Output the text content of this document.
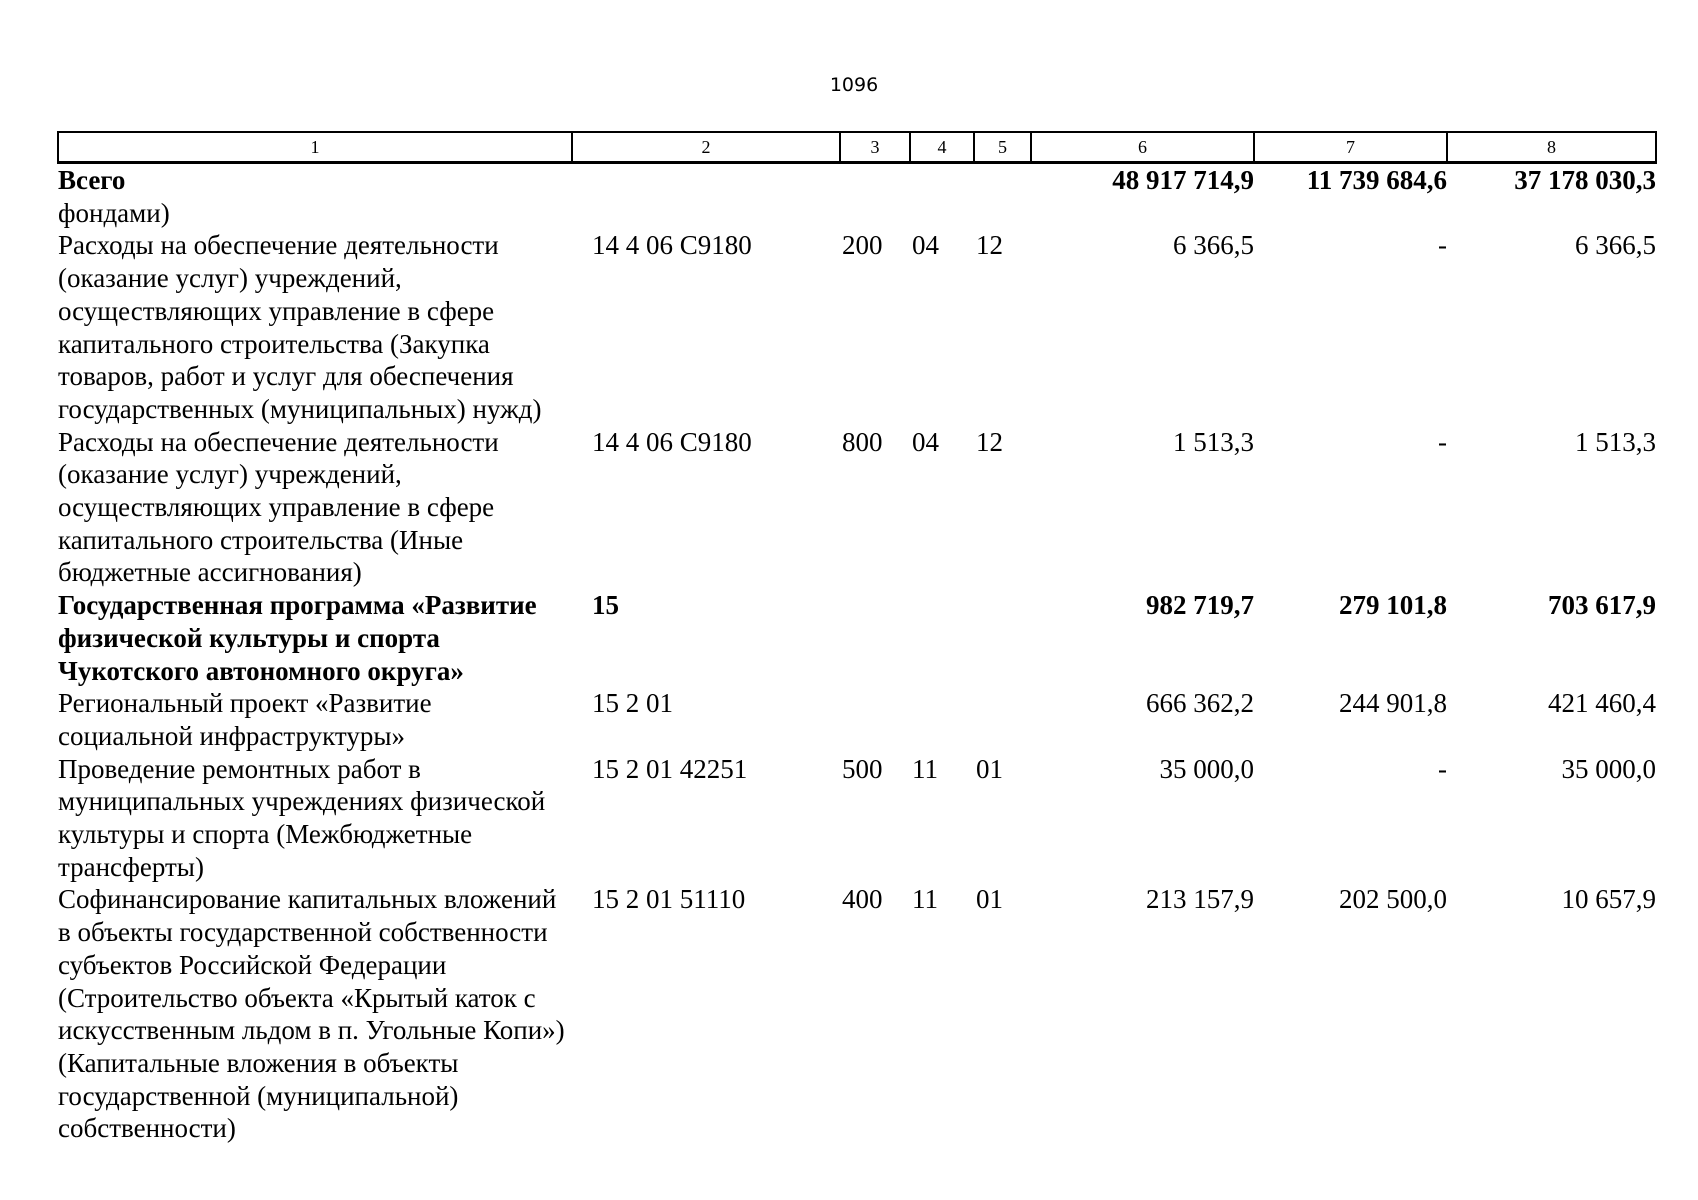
1096
1	2	3	4	5	6	7	8
Всего					48 917 714,9	11 739 684,6	37 178 030,3
фондами)							
Расходы на обеспечение деятельности (оказание услуг) учреждений, осуществляющих управление в сфере капитального строительства (Закупка товаров, работ и услуг для обеспечения государственных (муниципальных) нужд)	14 4 06 С9180	200	04	12	6 366,5	-	6 366,5
Расходы на обеспечение деятельности (оказание услуг) учреждений, осуществляющих управление в сфере капитального строительства (Иные бюджетные ассигнования)	14 4 06 С9180	800	04	12	1 513,3	-	1 513,3
Государственная программа «Развитие физической культуры и спорта Чукотского автономного округа»	15				982 719,7	279 101,8	703 617,9
Региональный проект «Развитие социальной инфраструктуры»	15 2 01				666 362,2	244 901,8	421 460,4
Проведение ремонтных работ в муниципальных учреждениях физической культуры и спорта (Межбюджетные трансферты)	15 2 01 42251	500	11	01	35 000,0	-	35 000,0
Софинансирование капитальных вложений в объекты государственной собственности субъектов Российской Федерации (Строительство объекта «Крытый каток с искусственным льдом в п. Угольные Копи») (Капитальные вложения в объекты государственной (муниципальной) собственности)	15 2 01 51110	400	11	01	213 157,9	202 500,0	10 657,9
